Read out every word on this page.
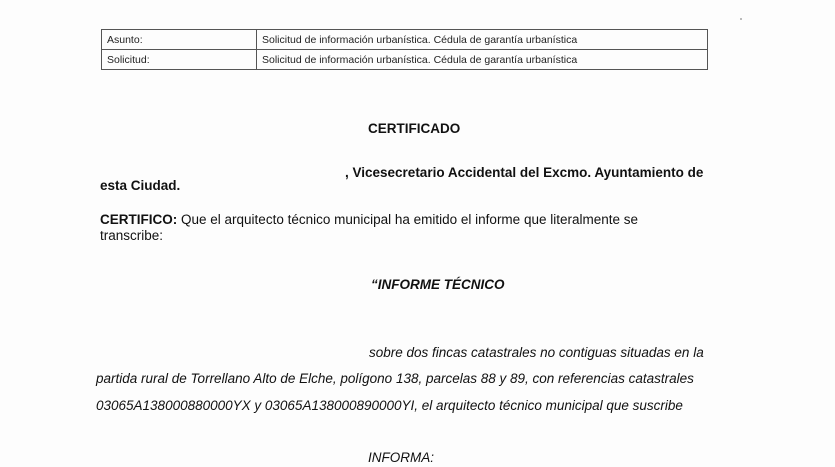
Asunto:	Solicitud de información urbanística. Cédula de garantía urbanística
Solicitud:	Solicitud de información urbanística. Cédula de garantía urbanística
CERTIFICADO
, Vicesecretario Accidental del Excmo. Ayuntamiento de
esta Ciudad.
CERTIFICO: Que el arquitecto técnico municipal ha emitido el informe que literalmente se
transcribe:
“INFORME TÉCNICO
sobre dos fincas catastrales no contiguas situadas en la
partida rural de Torrellano Alto de Elche, polígono 138, parcelas 88 y 89, con referencias catastrales
03065A138000880000YX y 03065A138000890000YI, el arquitecto técnico municipal que suscribe
INFORMA:
